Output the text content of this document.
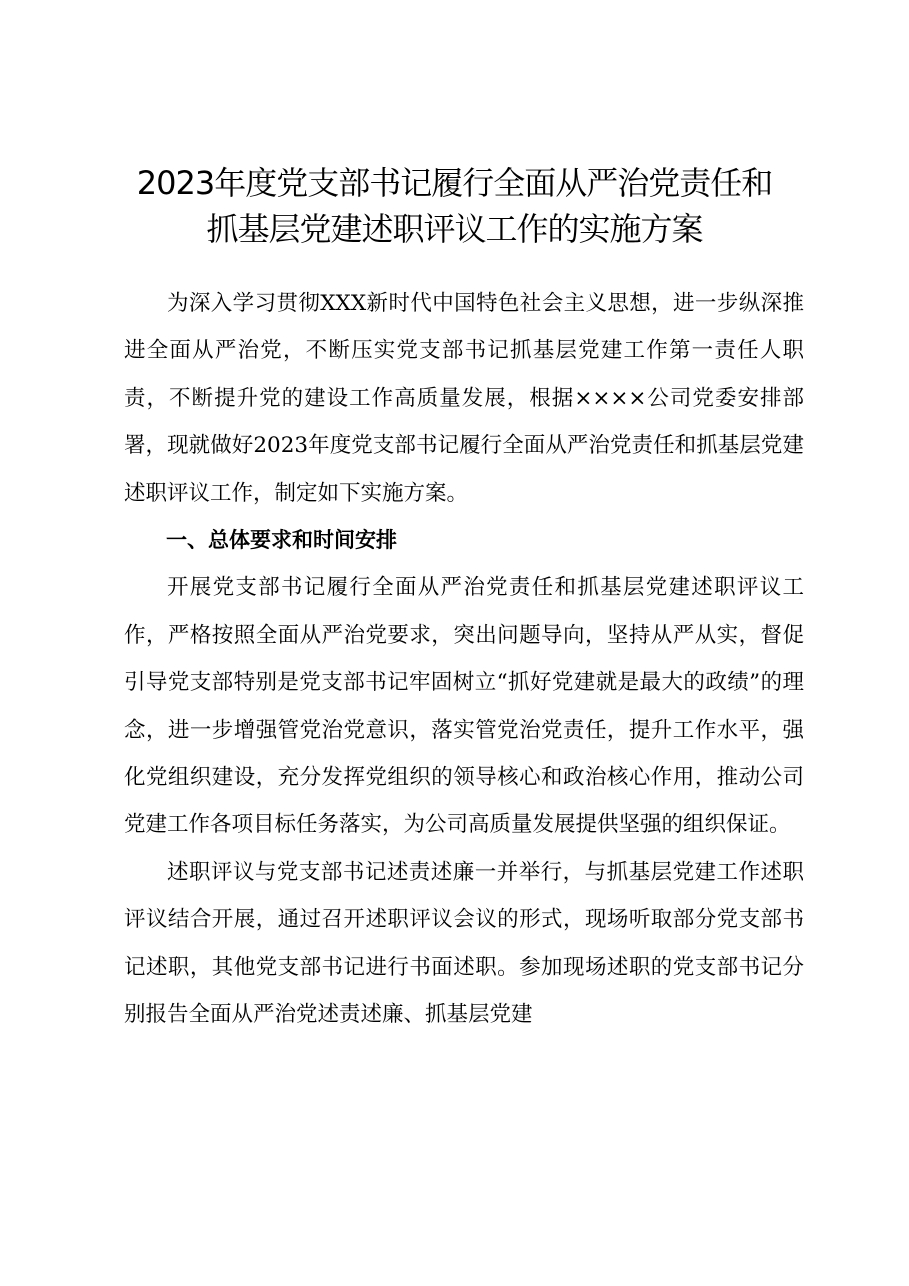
2023年度党支部书记履行全面从严治党责任和
抓基层党建述职评议工作的实施方案

为深入学习贯彻XXX新时代中国特色社会主义思想，进一步纵深推进全面从严治党，不断压实党支部书记抓基层党建工作第一责任人职责，不断提升党的建设工作高质量发展，根据××××公司党委安排部署，现就做好2023年度党支部书记履行全面从严治党责任和抓基层党建述职评议工作，制定如下实施方案。

一、总体要求和时间安排

开展党支部书记履行全面从严治党责任和抓基层党建述职评议工作，严格按照全面从严治党要求，突出问题导向，坚持从严从实，督促引导党支部特别是党支部书记牢固树立“抓好党建就是最大的政绩”的理念，进一步增强管党治党意识，落实管党治党责任，提升工作水平，强化党组织建设，充分发挥党组织的领导核心和政治核心作用，推动公司党建工作各项目标任务落实，为公司高质量发展提供坚强的组织保证。

述职评议与党支部书记述责述廉一并举行，与抓基层党建工作述职评议结合开展，通过召开述职评议会议的形式，现场听取部分党支部书记述职，其他党支部书记进行书面述职。参加现场述职的党支部书记分别报告全面从严治党述责述廉、抓基层党建
